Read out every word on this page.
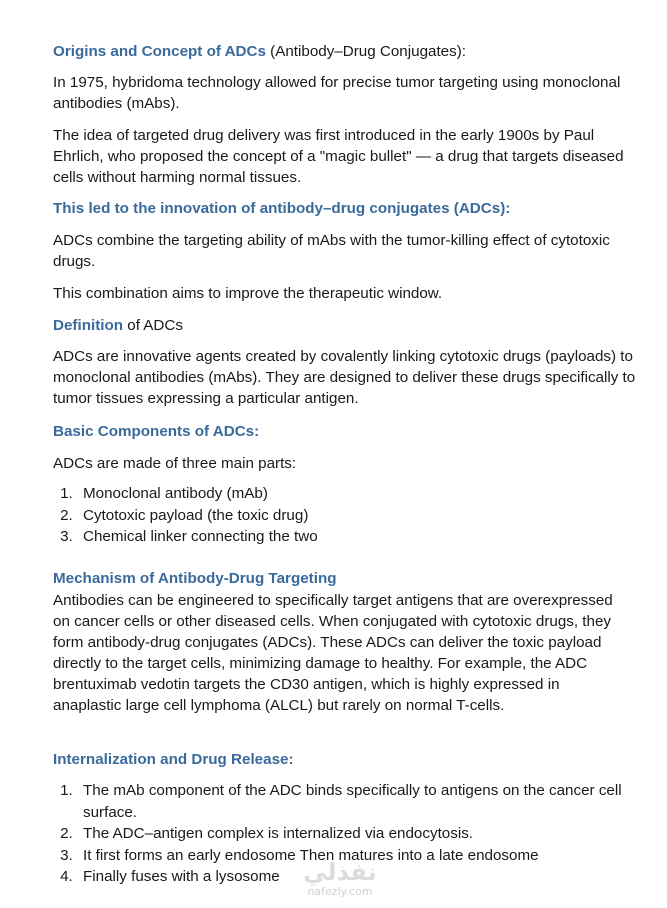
Origins and Concept of ADCs (Antibody–Drug Conjugates):

In 1975, hybridoma technology allowed for precise tumor targeting using monoclonal antibodies (mAbs).

The idea of targeted drug delivery was first introduced in the early 1900s by Paul Ehrlich, who proposed the concept of a "magic bullet" — a drug that targets diseased cells without harming normal tissues.

This led to the innovation of antibody–drug conjugates (ADCs):

ADCs combine the targeting ability of mAbs with the tumor-killing effect of cytotoxic drugs.

This combination aims to improve the therapeutic window.

Definition of ADCs

ADCs are innovative agents created by covalently linking cytotoxic drugs (payloads) to monoclonal antibodies (mAbs). They are designed to deliver these drugs specifically to tumor tissues expressing a particular antigen.

Basic Components of ADCs:

ADCs are made of three main parts:

1. Monoclonal antibody (mAb)
2. Cytotoxic payload (the toxic drug)
3. Chemical linker connecting the two

Mechanism of Antibody-Drug Targeting

Antibodies can be engineered to specifically target antigens that are overexpressed on cancer cells or other diseased cells. When conjugated with cytotoxic drugs, they form antibody-drug conjugates (ADCs). These ADCs can deliver the toxic payload directly to the target cells, minimizing damage to healthy. For example, the ADC brentuximab vedotin targets the CD30 antigen, which is highly expressed in anaplastic large cell lymphoma (ALCL) but rarely on normal T-cells.

Internalization and Drug Release:

1. The mAb component of the ADC binds specifically to antigens on the cancer cell surface.
2. The ADC–antigen complex is internalized via endocytosis.
3. It first forms an early endosome Then matures into a late endosome
4. Finally fuses with a lysosome نفذلي
nafezly.com
